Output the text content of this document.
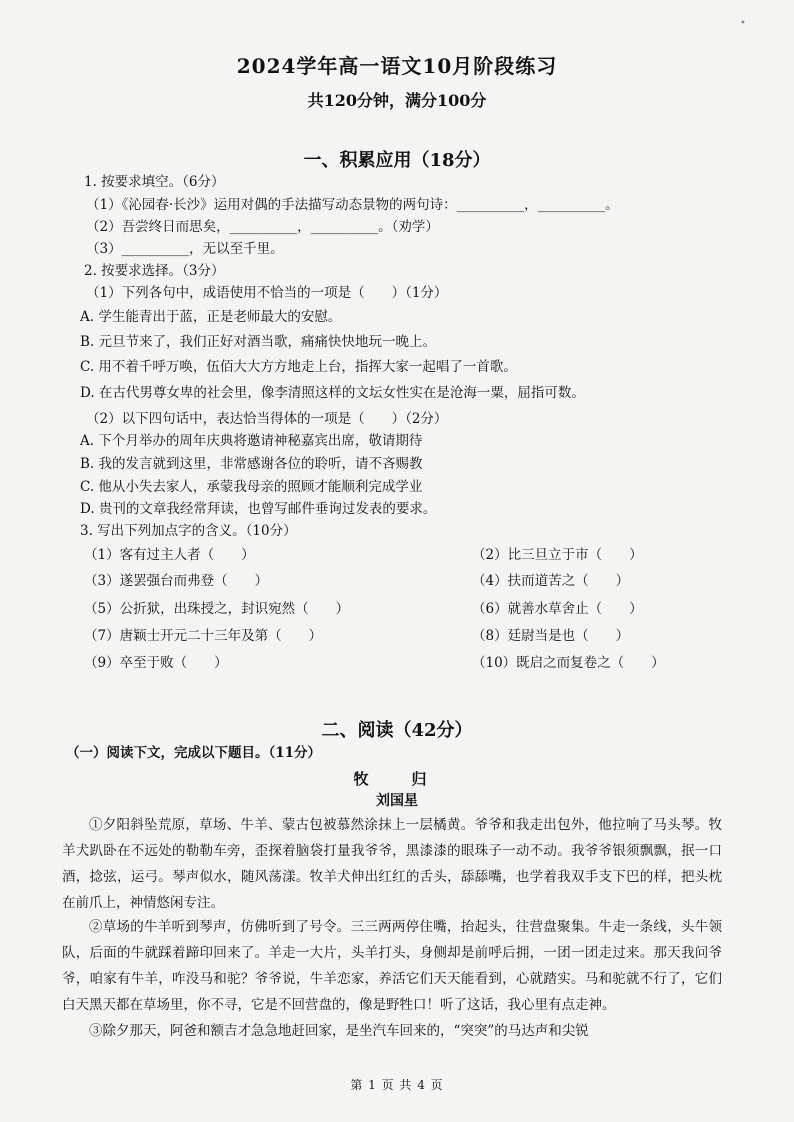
•
2024学年高一语文10月阶段练习
共120分钟，满分100分
一、积累应用（18分）
1. 按要求填空。（6分）
（1）《沁园春·长沙》运用对偶的手法描写动态景物的两句诗：__________，__________。
（2）吾尝终日而思矣，__________，__________。（劝学）
（3）__________，无以至千里。
2. 按要求选择。（3分）
（1）下列各句中，成语使用不恰当的一项是（　　）（1分）
A. 学生能青出于蓝，正是老师最大的安慰。
B. 元旦节来了，我们正好对酒当歌，痛痛快快地玩一晚上。
C. 用不着千呼万唤，伍佰大大方方地走上台，指挥大家一起唱了一首歌。
D. 在古代男尊女卑的社会里，像李清照这样的文坛女性实在是沧海一粟，屈指可数。
（2）以下四句话中，表达恰当得体的一项是（　　）（2分）
A. 下个月举办的周年庆典将邀请神秘嘉宾出席，敬请期待
B. 我的发言就到这里，非常感谢各位的聆听，请不吝赐教
C. 他从小失去家人，承蒙我母亲的照顾才能顺利完成学业
D. 贵刊的文章我经常拜读，也曾写邮件垂询过发表的要求。
3. 写出下列加点字的含义。（10分）
（1）客有过主人者（　　）	（2）比三旦立于市（　　）
（3）遂罢强台而弗登（　　）	（4）扶而道苦之（　　）
（5）公折狱，出珠授之，封识宛然（　　）	（6）就善水草舍止（　　）
（7）唐颖士开元二十三年及第（　　）	（8）廷尉当是也（　　）
（9）卒至于败（　　）	（10）既启之而复卷之（　　）
二、阅读（42分）
（一）阅读下文，完成以下题目。（11分）
牧　归
刘国星
①夕阳斜坠荒原，草场、牛羊、蒙古包被慕然涂抹上一层橘黄。爷爷和我走出包外，他拉响了马头琴。牧羊犬趴卧在不远处的勒勒车旁，歪探着脑袋打量我爷爷，黑漆漆的眼珠子一动不动。我爷爷银须飘飘，抿一口酒，捻弦，运弓。琴声似水，随风荡漾。牧羊犬伸出红红的舌头，舔舔嘴，也学着我双手支下巴的样，把头枕在前爪上，神情悠闲专注。
②草场的牛羊听到琴声，仿佛听到了号令。三三两两停住嘴，抬起头，往营盘聚集。牛走一条线，头牛领队，后面的牛就踩着蹄印回来了。羊走一大片，头羊打头，身侧却是前呼后拥，一团一团走过来。那天我问爷爷，咱家有牛羊，咋没马和驼？爷爷说，牛羊恋家，养活它们天天能看到，心就踏实。马和驼就不行了，它们白天黑天都在草场里，你不寻，它是不回营盘的，像是野牲口！听了这话，我心里有点走神。
③除夕那天，阿爸和额吉才急急地赶回家，是坐汽车回来的，“突突”的马达声和尖锐
第 1 页 共 4 页
